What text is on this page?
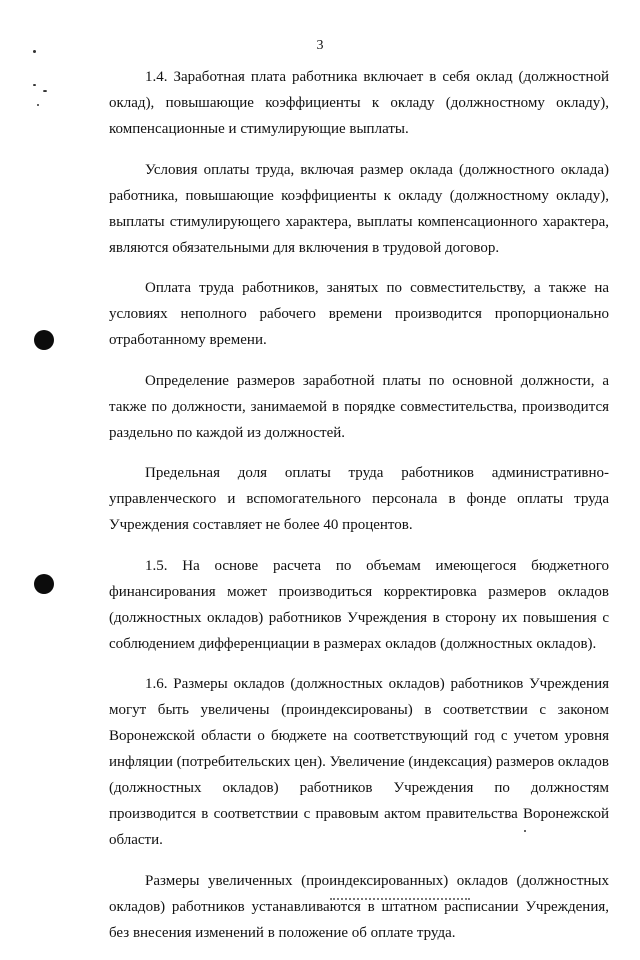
3

1.4. Заработная плата работника включает в себя оклад (должностной оклад), повышающие коэффициенты к окладу (должностному окладу), компенсационные и стимулирующие выплаты.

Условия оплаты труда, включая размер оклада (должностного оклада) работника, повышающие коэффициенты к окладу (должностному окладу), выплаты стимулирующего характера, выплаты компенсационного характера, являются обязательными для включения в трудовой договор.

Оплата труда работников, занятых по совместительству, а также на условиях неполного рабочего времени производится пропорционально отработанному времени.

Определение размеров заработной платы по основной должности, а также по должности, занимаемой в порядке совместительства, производится раздельно по каждой из должностей.

Предельная доля оплаты труда работников административно-управленческого и вспомогательного персонала в фонде оплаты труда Учреждения составляет не более 40 процентов.

1.5. На основе расчета по объемам имеющегося бюджетного финансирования может производиться корректировка размеров окладов (должностных окладов) работников Учреждения в сторону их повышения с соблюдением дифференциации в размерах окладов (должностных окладов).

1.6. Размеры окладов (должностных окладов) работников Учреждения могут быть увеличены (проиндексированы) в соответствии с законом Воронежской области о бюджете на соответствующий год с учетом уровня инфляции (потребительских цен). Увеличение (индексация) размеров окладов (должностных окладов) работников Учреждения по должностям производится в соответствии с правовым актом правительства Воронежской области.

Размеры увеличенных (проиндексированных) окладов (должностных окладов) работников устанавливаются в штатном расписании Учреждения, без внесения изменений в положение об оплате труда.
